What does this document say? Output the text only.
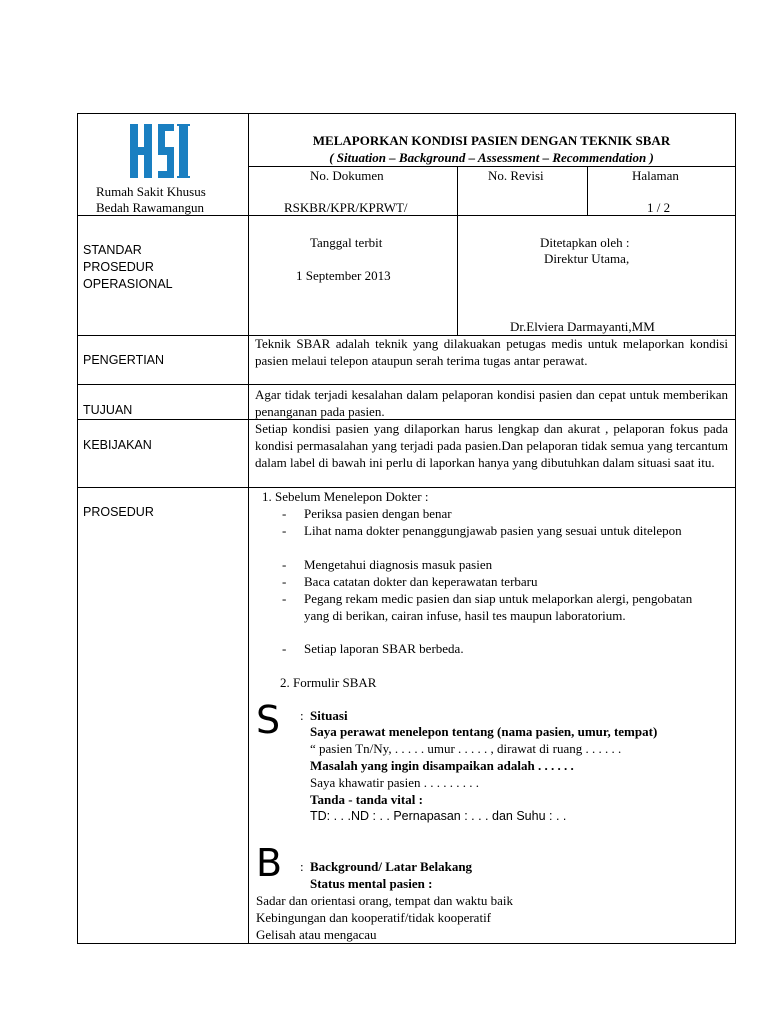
Rumah Sakit Khusus
Bedah Rawamangun
MELAPORKAN KONDISI PASIEN DENGAN TEKNIK SBAR
( Situation – Background – Assessment – Recommendation )
No. Dokumen
RSKBR/KPR/KPRWT/
No. Revisi	Halaman
1 / 2
STANDAR
PROSEDUR
OPERASIONAL
Tanggal terbit
1 September 2013
Ditetapkan oleh :
Direktur Utama,
Dr.Elviera Darmayanti,MM
PENGERTIAN
Teknik SBAR adalah teknik yang dilakuakan petugas medis untuk melaporkan kondisi pasien melaui telepon ataupun serah terima tugas antar perawat.
TUJUAN
Agar tidak terjadi kesalahan dalam pelaporan kondisi pasien dan cepat untuk memberikan penanganan pada pasien.
KEBIJAKAN
Setiap kondisi pasien yang dilaporkan harus lengkap dan akurat , pelaporan fokus pada kondisi permasalahan yang terjadi pada pasien.Dan pelaporan tidak semua yang tercantum dalam label di bawah ini perlu di laporkan hanya yang dibutuhkan dalam situasi saat itu.
PROSEDUR
1. Sebelum Menelepon Dokter :
- Periksa pasien dengan benar
- Lihat nama dokter penanggungjawab pasien yang sesuai untuk ditelepon
- Mengetahui diagnosis masuk pasien
- Baca catatan dokter dan keperawatan terbaru
- Pegang rekam medic pasien dan siap untuk melaporkan alergi, pengobatan yang di berikan, cairan infuse, hasil tes maupun laboratorium.
- Setiap laporan SBAR berbeda.
2. Formulir SBAR
S : Situasi
Saya perawat menelepon tentang (nama pasien, umur, tempat)
“ pasien Tn/Ny, . . . . . umur . . . . . , dirawat di ruang . . . . . .
Masalah yang ingin disampaikan adalah . . . . . .
Saya khawatir pasien . . . . . . . . .
Tanda - tanda vital :
TD: . . .ND : . . Pernapasan : . . . dan Suhu : . .
B : Background/ Latar Belakang
Status mental pasien :
Sadar dan orientasi orang, tempat dan waktu baik
Kebingungan dan kooperatif/tidak kooperatif
Gelisah atau mengacau
